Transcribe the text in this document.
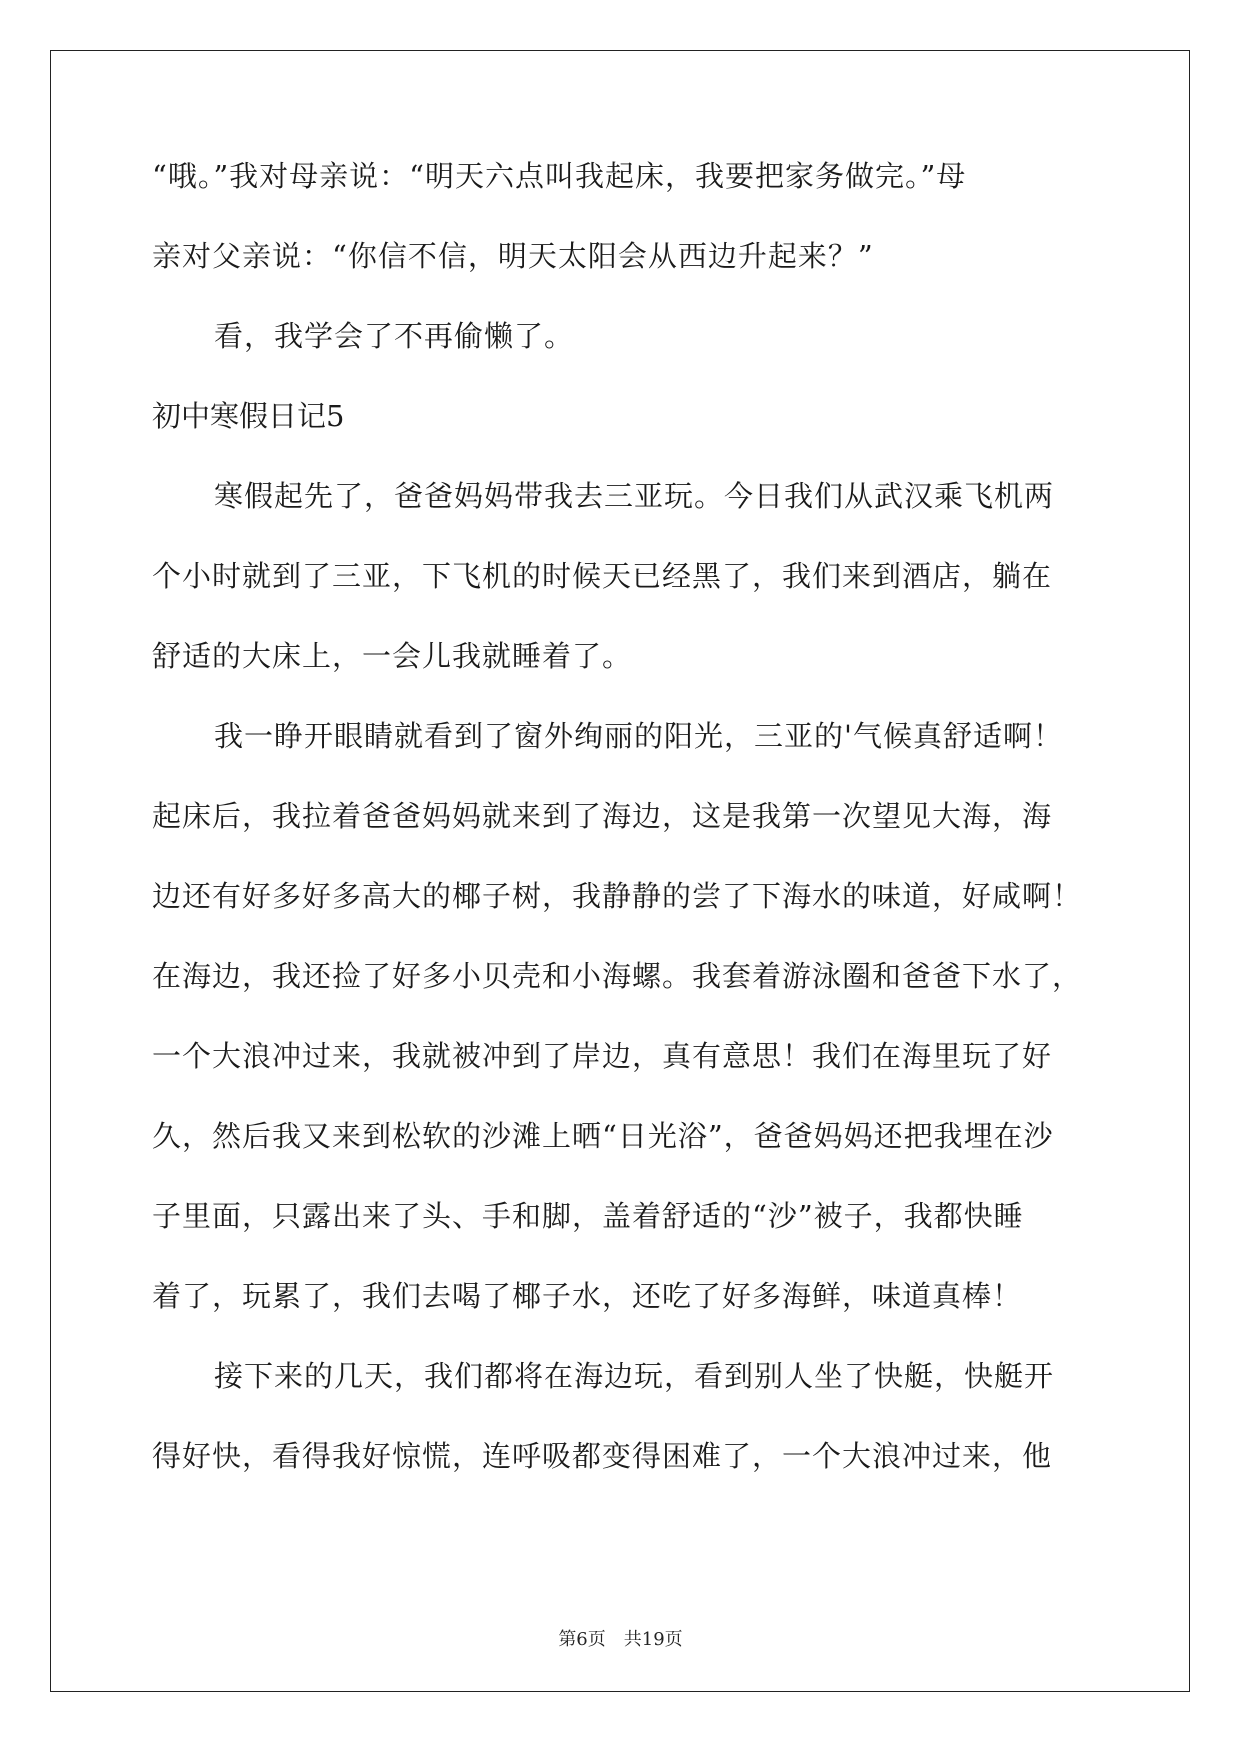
“哦。”我对母亲说：“明天六点叫我起床，我要把家务做完。”母
亲对父亲说：“你信不信，明天太阳会从西边升起来？”
看，我学会了不再偷懒了。
初中寒假日记5
寒假起先了，爸爸妈妈带我去三亚玩。今日我们从武汉乘飞机两
个小时就到了三亚，下飞机的时候天已经黑了，我们来到酒店，躺在
舒适的大床上，一会儿我就睡着了。
我一睁开眼睛就看到了窗外绚丽的阳光，三亚的'气候真舒适啊！
起床后，我拉着爸爸妈妈就来到了海边，这是我第一次望见大海，海
边还有好多好多高大的椰子树，我静静的尝了下海水的味道，好咸啊！
在海边，我还捡了好多小贝壳和小海螺。我套着游泳圈和爸爸下水了，
一个大浪冲过来，我就被冲到了岸边，真有意思！我们在海里玩了好
久，然后我又来到松软的沙滩上晒“日光浴”，爸爸妈妈还把我埋在沙
子里面，只露出来了头、手和脚，盖着舒适的“沙”被子，我都快睡
着了，玩累了，我们去喝了椰子水，还吃了好多海鲜，味道真棒！
接下来的几天，我们都将在海边玩，看到别人坐了快艇，快艇开
得好快，看得我好惊慌，连呼吸都变得困难了，一个大浪冲过来，他
第6页　共19页
